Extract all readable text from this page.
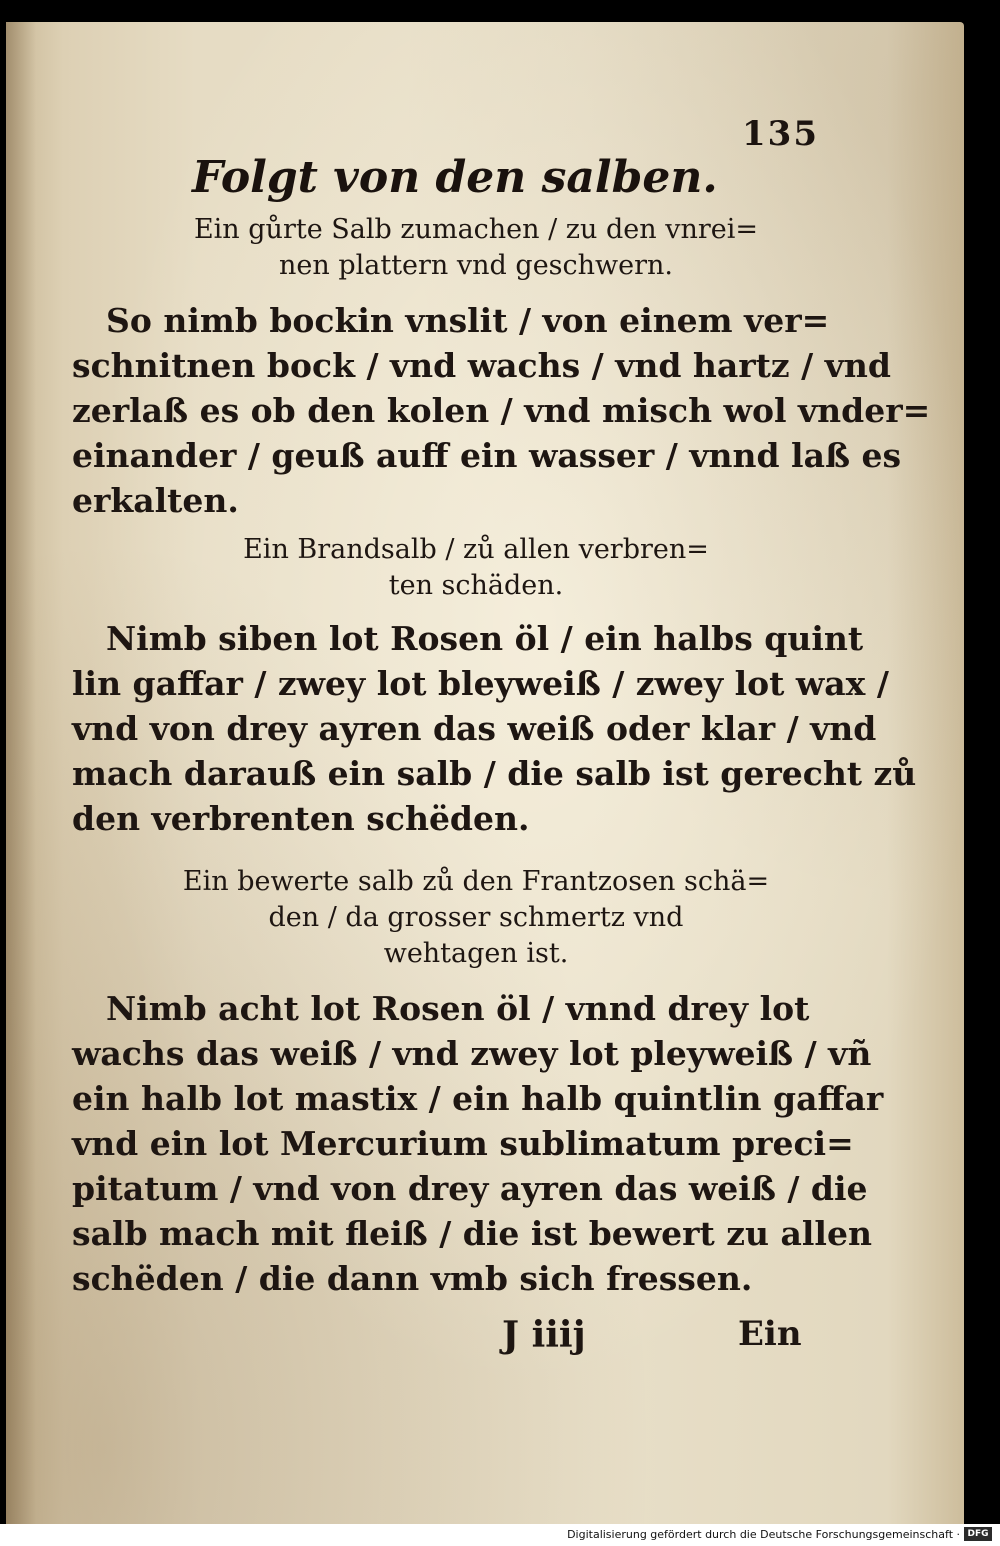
135
Folgt von den salben.
Ein gůrte Salb zumachen / zu den vnrei=
nen plattern vnd geschwern.
So nimb bockin vnslit / von einem ver=
schnitnen bock / vnd wachs / vnd hartz / vnd
zerlaß es ob den kolen / vnd misch wol vnder=
einander / geuß auff ein wasser / vnnd laß es
erkalten.
Ein Brandsalb / zů allen verbren=
ten schäden.
Nimb siben lot Rosen öl / ein halbs quint
lin gaffar / zwey lot bleyweiß / zwey lot wax /
vnd von drey ayren das weiß oder klar / vnd
mach darauß ein salb / die salb ist gerecht zů
den verbrenten schëden.
Ein bewerte salb zů den Frantzosen schä=
den / da grosser schmertz vnd
wehtagen ist.
Nimb acht lot Rosen öl / vnnd drey lot
wachs das weiß / vnd zwey lot pleyweiß / vñ
ein halb lot mastix / ein halb quintlin gaffar
vnd ein lot Mercurium sublimatum preci=
pitatum / vnd von drey ayren das weiß / die
salb mach mit fleiß / die ist bewert zu allen
schëden / die dann vmb sich fressen.
J iiij	Ein
Digitalisierung gefördert durch die Deutsche Forschungsgemeinschaft · DFG
